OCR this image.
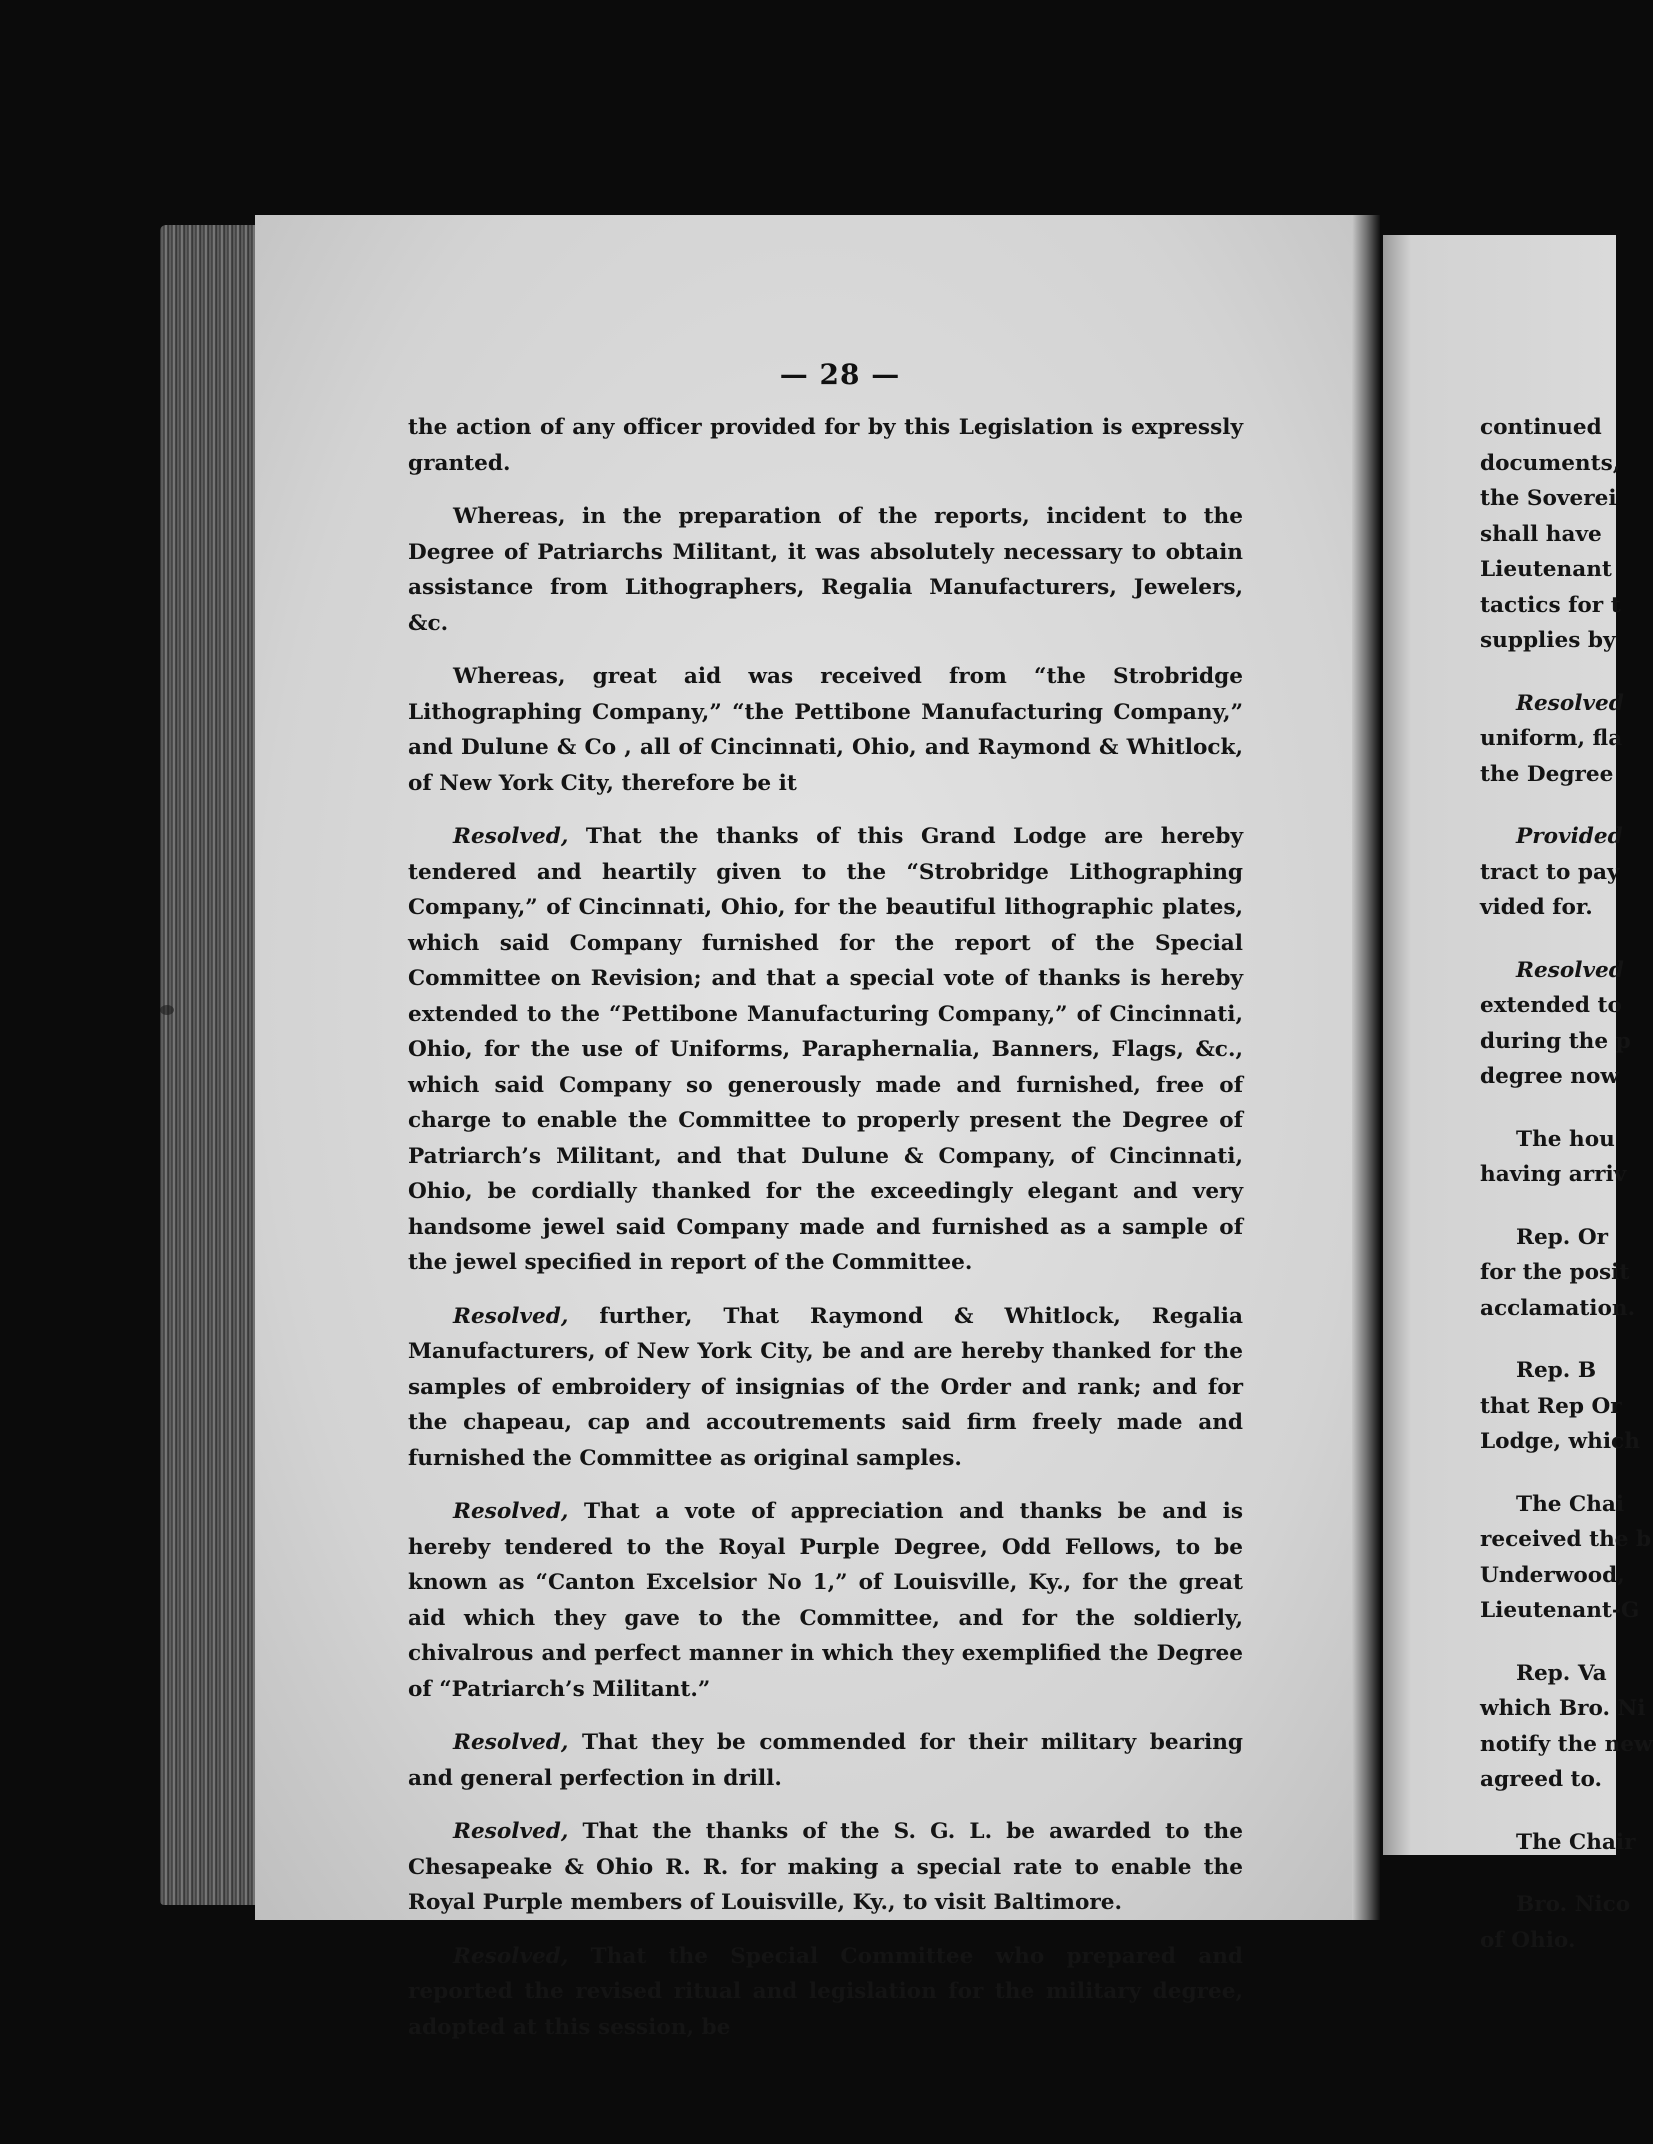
— 28 —

the action of any officer provided for by this Legislation is expressly granted.

Whereas, in the preparation of the reports, incident to the Degree of Patriarchs Militant, it was absolutely necessary to obtain assistance from Lithographers, Regalia Manufacturers, Jewelers, &c.

Whereas, great aid was received from “the Strobridge Lithographing Company,” “the Pettibone Manufacturing Company,” and Dulune & Co , all of Cincinnati, Ohio, and Raymond & Whitlock, of New York City, therefore be it

Resolved, That the thanks of this Grand Lodge are hereby tendered and heartily given to the “Strobridge Lithographing Company,” of Cincinnati, Ohio, for the beautiful lithographic plates, which said Company furnished for the report of the Special Committee on Revision; and that a special vote of thanks is hereby extended to the “Pettibone Manufacturing Company,” of Cincinnati, Ohio, for the use of Uniforms, Paraphernalia, Banners, Flags, &c., which said Company so generously made and furnished, free of charge to enable the Committee to properly present the Degree of Patriarch’s Militant, and that Dulune & Company, of Cincinnati, Ohio, be cordially thanked for the exceedingly elegant and very handsome jewel said Company made and furnished as a sample of the jewel specified in report of the Committee.

Resolved, further, That Raymond & Whitlock, Regalia Manufacturers, of New York City, be and are hereby thanked for the samples of embroidery of insignias of the Order and rank; and for the chapeau, cap and accoutrements said firm freely made and furnished the Committee as original samples.

Resolved, That a vote of appreciation and thanks be and is hereby tendered to the Royal Purple Degree, Odd Fellows, to be known as “Canton Excelsior No 1,” of Louisville, Ky., for the great aid which they gave to the Committee, and for the soldierly, chivalrous and perfect manner in which they exemplified the Degree of “Patriarch’s Militant.”

Resolved, That they be commended for their military bearing and general perfection in drill.

Resolved, That the thanks of the S. G. L. be awarded to the Chesapeake & Ohio R. R. for making a special rate to enable the Royal Purple members of Louisville, Ky., to visit Baltimore.

Resolved, That the Special Committee who prepared and reported the revised ritual and legislation for the military degree, adopted at this session, be

continued
documents,
the Soverei
shall have
Lieutenant
tactics for t
supplies by
Resolved
uniform, fla
the Degree
Provided
tract to pay
vided for.
Resolved
extended to
during the p
degree now
The hou
having arriv
Rep. Or
for the posit
acclamation.
Rep. B
that Rep Or
Lodge, which
The Chai
received the b
Underwood,
Lieutenant-G
Rep. Va
which Bro. Ni
notify the new
agreed to.
The Chair
Bro. Nico
of Ohio.
